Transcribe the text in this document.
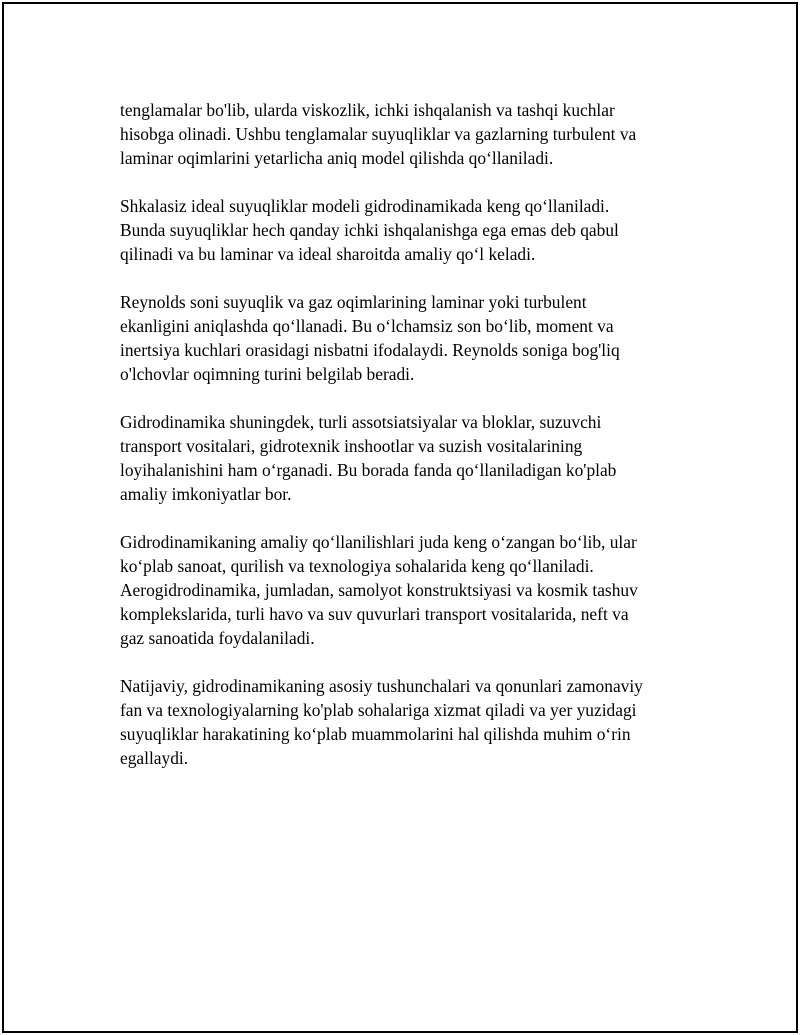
tenglamalar bo'lib, ularda viskozlik, ichki ishqalanish va tashqi kuchlar
hisobga olinadi. Ushbu tenglamalar suyuqliklar va gazlarning turbulent va
laminar oqimlarini yetarlicha aniq model qilishda qoʻllaniladi.

Shkalasiz ideal suyuqliklar modeli gidrodinamikada keng qoʻllaniladi.
Bunda suyuqliklar hech qanday ichki ishqalanishga ega emas deb qabul
qilinadi va bu laminar va ideal sharoitda amaliy qoʻl keladi.

Reynolds soni suyuqlik va gaz oqimlarining laminar yoki turbulent
ekanligini aniqlashda qoʻllanadi. Bu oʻlchamsiz son boʻlib, moment va
inertsiya kuchlari orasidagi nisbatni ifodalaydi. Reynolds soniga bog'liq
o'lchovlar oqimning turini belgilab beradi.

Gidrodinamika shuningdek, turli assotsiatsiyalar va bloklar, suzuvchi
transport vositalari, gidrotexnik inshootlar va suzish vositalarining
loyihalanishini ham oʻrganadi. Bu borada fanda qoʻllaniladigan ko'plab
amaliy imkoniyatlar bor.

Gidrodinamikaning amaliy qoʻllanilishlari juda keng oʻzangan boʻlib, ular
koʻplab sanoat, qurilish va texnologiya sohalarida keng qoʻllaniladi.
Aerogidrodinamika, jumladan, samolyot konstruktsiyasi va kosmik tashuv
komplekslarida, turli havo va suv quvurlari transport vositalarida, neft va
gaz sanoatida foydalaniladi.

Natijaviy, gidrodinamikaning asosiy tushunchalari va qonunlari zamonaviy
fan va texnologiyalarning ko'plab sohalariga xizmat qiladi va yer yuzidagi
suyuqliklar harakatining koʻplab muammolarini hal qilishda muhim oʻrin
egallaydi.
